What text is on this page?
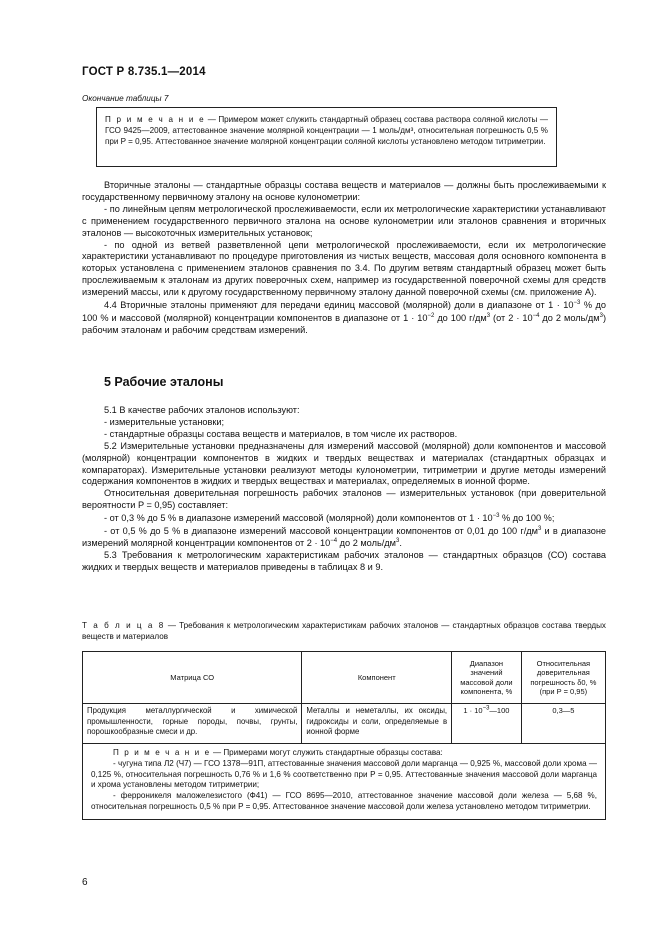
ГОСТ Р 8.735.1—2014
Окончание таблицы 7

П р и м е ч а н и е — Примером может служить стандартный образец состава раствора соляной кислоты — ГСО 9425—2009, аттестованное значение молярной концентрации — 1 моль/дм³, относительная погрешность 0,5 % при P = 0,95. Аттестованное значение молярной концентрации соляной кислоты установлено методом титриметрии.

Вторичные эталоны — стандартные образцы состава веществ и материалов — должны быть прослеживаемыми к государственному первичному эталону на основе кулонометрии:

- по линейным цепям метрологической прослеживаемости, если их метрологические характеристики устанавливают с применением государственного первичного эталона на основе кулонометрии или эталонов сравнения и вторичных эталонов — высокоточных измерительных установок;

- по одной из ветвей разветвленной цепи метрологической прослеживаемости, если их метрологические характеристики устанавливают по процедуре приготовления из чистых веществ, массовая доля основного компонента в которых установлена с применением эталонов сравнения по 3.4. По другим ветвям стандартный образец может быть прослеживаемым к эталонам из других поверочных схем, например из государственной поверочной схемы для средств измерений массы, или к другому государственному первичному эталону данной поверочной схемы (см. приложение А).

4.4 Вторичные эталоны применяют для передачи единиц массовой (молярной) доли в диапазоне от $1 \cdot 10^{-3}$ % до 100 % и массовой (молярной) концентрации компонентов в диапазоне от $1 \cdot 10^{-2}$ до 100 $г/дм^3$ (от $2 \cdot 10^{-4}$ до 2 моль/$дм^3$) рабочим эталонам и рабочим средствам измерений.

5 Рабочие эталоны

5.1 В качестве рабочих эталонов используют:

- измерительные установки;

- стандартные образцы состава веществ и материалов, в том числе их растворов.

5.2 Измерительные установки предназначены для измерений массовой (молярной) доли компонентов и массовой (молярной) концентрации компонентов в жидких и твердых веществах и материалах (стандартных образцах и компараторах). Измерительные установки реализуют методы кулонометрии, титриметрии и другие методы измерений содержания компонентов в жидких и твердых веществах и материалах, определяемых в ионной форме.

Относительная доверительная погрешность рабочих эталонов — измерительных установок (при доверительной вероятности P = 0,95) составляет:

- от 0,3 % до 5 % в диапазоне измерений массовой (молярной) доли компонентов от $1 \cdot 10^{-3}$ % до 100 %;

- от 0,5 % до 5 % в диапазоне измерений массовой концентрации компонентов от 0,01 до 100 $г/дм^3$ и в диапазоне измерений молярной концентрации компонентов от $2 \cdot 10^{-4}$ до 2 моль/$дм^3$.

5.3 Требования к метрологическим характеристикам рабочих эталонов — стандартных образцов (СО) состава жидких и твердых веществ и материалов приведены в таблицах 8 и 9.

Т а б л и ц а 8 — Требования к метрологическим характеристикам рабочих эталонов — стандартных образцов состава твердых веществ и материалов
Матрица СО	Компонент	Диапазон значений массовой доли компонента, %	Относительная доверительная погрешность δ0, % (при P = 0,95)
Продукция металлургической и химической промышленности, горные породы, почвы, грунты, порошкообразные смеси и др.	Металлы и неметаллы, их оксиды, гидроксиды и соли, определяемые в ионной форме	$1 \cdot 10^{-3}—100$	0,3—5

П р и м е ч а н и е — Примерами могут служить стандартные образцы состава:

- чугуна типа Л2 (Ч7) — ГСО 1378—91П, аттестованные значения массовой доли марганца — 0,925 %, массовой доли хрома — 0,125 %, относительная погрешность 0,76 % и 1,6 % соответственно при P = 0,95. Аттестованные значения массовой доли марганца и хрома установлены методом титриметрии;

- ферроникеля маложелезистого (Ф41) — ГСО 8695—2010, аттестованное значение массовой доли железа — 5,68 %, относительная погрешность 0,5 % при P = 0,95. Аттестованное значение массовой доли железа установлено методом титриметрии.			

6
